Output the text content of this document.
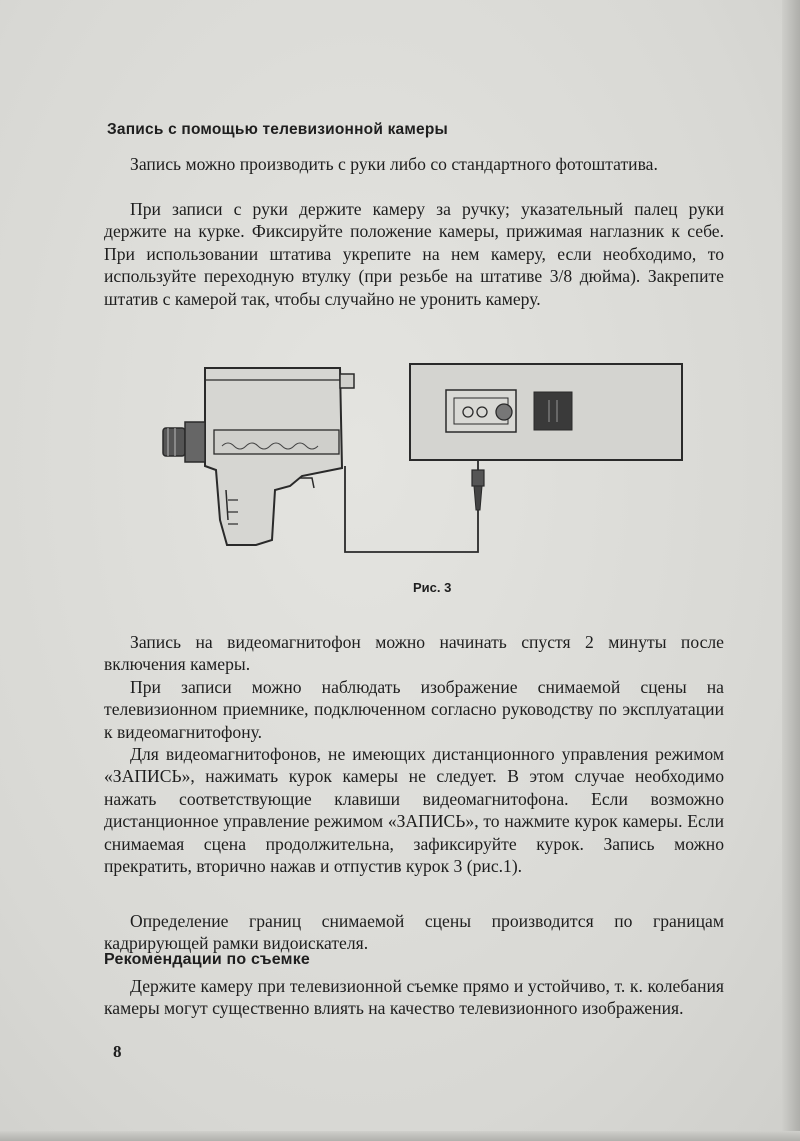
Запись с помощью телевизионной камеры

Запись можно производить с руки либо со стандартного фотоштатива.

При записи с руки держите камеру за ручку; указательный палец руки держите на курке. Фиксируйте положение камеры, прижимая наглазник к себе. При использовании штатива укрепите на нем камеру, если необходимо, то используйте переходную втулку (при резьбе на штативе 3/8 дюйма). Закрепите штатив с камерой так, чтобы случайно не уронить камеру.

Рис. 3

Запись на видеомагнитофон можно начинать спустя 2 минуты после включения камеры.

При записи можно наблюдать изображение снимаемой сцены на телевизионном приемнике, подключенном согласно руководству по эксплуатации к видеомагнитофону.

Для видеомагнитофонов, не имеющих дистанционного управления режимом «ЗАПИСЬ», нажимать курок камеры не следует. В этом случае необходимо нажать соответствующие клавиши видеомагнитофона. Если возможно дистанционное управление режимом «ЗАПИСЬ», то нажмите курок камеры. Если снимаемая сцена продолжительна, зафиксируйте курок. Запись можно прекратить, вторично нажав и отпустив курок 3 (рис.1).

Определение границ снимаемой сцены производится по границам кадрирующей рамки видоискателя.

Рекомендации по съемке

Держите камеру при телевизионной съемке прямо и устойчиво, т. к. колебания камеры могут существенно влиять на качество телевизионного изображения.

8
